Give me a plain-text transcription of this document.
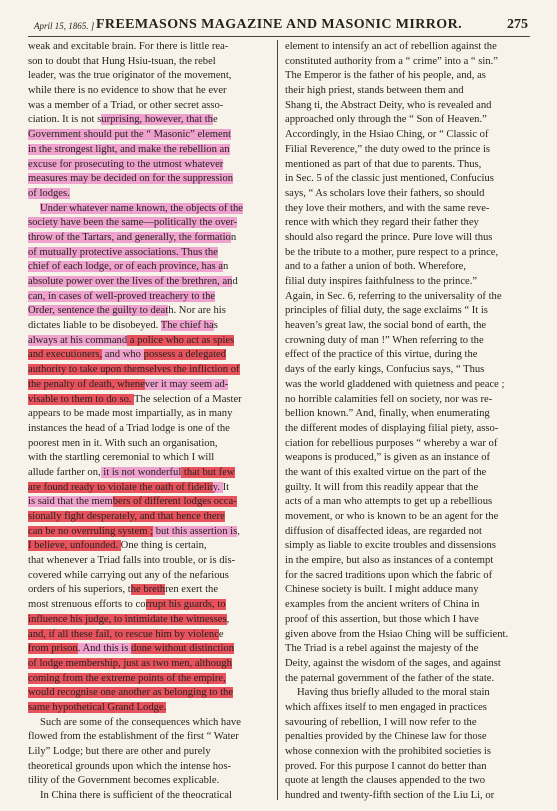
April 15, 1865. ] FREEMASONS MAGAZINE AND MASONIC MIRROR.	275
weak and excitable brain. For there is little rea-
son to doubt that Hung Hsiu-tsuan, the rebel
leader, was the true originator of the movement,
while there is no evidence to show that he ever
was a member of a Triad, or other secret asso-
ciation. It is not surprising, however, that the
Government should put the “ Masonic” element
in the strongest light, and make the rebellion an
excuse for prosecuting to the utmost whatever
measures may be decided on for the suppression
of lodges.
Under whatever name known, the objects of the
society have been the same—politically the over-
throw of the Tartars, and generally, the formation
of mutually protective associations. Thus the
chief of each lodge, or of each province, has an
absolute power over the lives of the brethren, and
can, in cases of well-proved treachery to the
Order, sentence the guilty to death. Nor are his
dictates liable to be disobeyed. The chief has
always at his command a police who act as spies
and executioners, and who possess a delegated
authority to take upon themselves the infliction of
the penalty of death, whenever it may seem ad-
visable to them to do so. The selection of a Master
appears to be made most impartially, as in many
instances the head of a Triad lodge is one of the
poorest men in it. With such an organisation,
with the startling ceremonial to which I will
allude farther on, it is not wonderful that but few
are found ready to violate the oath of fidelity. It
is said that the members of different lodges occa-
sionally fight desperately, and that hence there
can be no overruling system ; but this assertion is,
I believe, unfounded. One thing is certain,
that whenever a Triad falls into trouble, or is dis-
covered while carrying out any of the nefarious
orders of his superiors, the brethren exert the
most strenuous efforts to corrupt his guards, to
influence his judge, to intimidate the witnesses,
and, if all these fail, to rescue him by violence
from prison. And this is done without distinction
of lodge membership, just as two men, although
coming from the extreme points of the empire,
would recognise one another as belonging to the
same hypothetical Grand Lodge.
Such are some of the consequences which have
flowed from the establishment of the first “ Water
Lily” Lodge; but there are other and purely
theoretical grounds upon which the intense hos-
tility of the Government becomes explicable.
In China there is sufficient of the theocratical
element to intensify an act of rebellion against the
constituted authority from a “ crime” into a “ sin.”
The Emperor is the father of his people, and, as
their high priest, stands between them and
Shang ti, the Abstract Deity, who is revealed and
approached only through the “ Son of Heaven.”
Accordingly, in the Hsiao Ching, or “ Classic of
Filial Reverence,” the duty owed to the prince is
mentioned as part of that due to parents. Thus,
in Sec. 5 of the classic just mentioned, Confucius
says, “ As scholars love their fathers, so should
they love their mothers, and with the same reve-
rence with which they regard their father they
should also regard the prince. Pure love will thus
be the tribute to a mother, pure respect to a prince,
and to a father a union of both. Wherefore,
filial duty inspires faithfulness to the prince.”
Again, in Sec. 6, referring to the universality of the
principles of filial duty, the sage exclaims “ It is
heaven’s great law, the social bond of earth, the
crowning duty of man !” When referring to the
effect of the practice of this virtue, during the
days of the early kings, Confucius says, “ Thus
was the world gladdened with quietness and peace ;
no horrible calamities fell on society, nor was re-
bellion known.” And, finally, when enumerating
the different modes of displaying filial piety, asso-
ciation for rebellious purposes “ whereby a war of
weapons is produced,” is given as an instance of
the want of this exalted virtue on the part of the
guilty. It will from this readily appear that the
acts of a man who attempts to get up a rebellious
movement, or who is known to be an agent for the
diffusion of disaffected ideas, are regarded not
simply as liable to excite troubles and dissensions
in the empire, but also as instances of a contempt
for the sacred traditions upon which the fabric of
Chinese society is built. I might adduce many
examples from the ancient writers of China in
proof of this assertion, but those which I have
given above from the Hsiao Ching will be sufficient.
The Triad is a rebel against the majesty of the
Deity, against the wisdom of the sages, and against
the paternal government of the father of the state.
Having thus briefly alluded to the moral stain
which affixes itself to men engaged in practices
savouring of rebellion, I will now refer to the
penalties provided by the Chinese law for those
whose connexion with the prohibited societies is
proved. For this purpose I cannot do better than
quote at length the clauses appended to the two
hundred and twenty-fifth section of the Liu Li, or
